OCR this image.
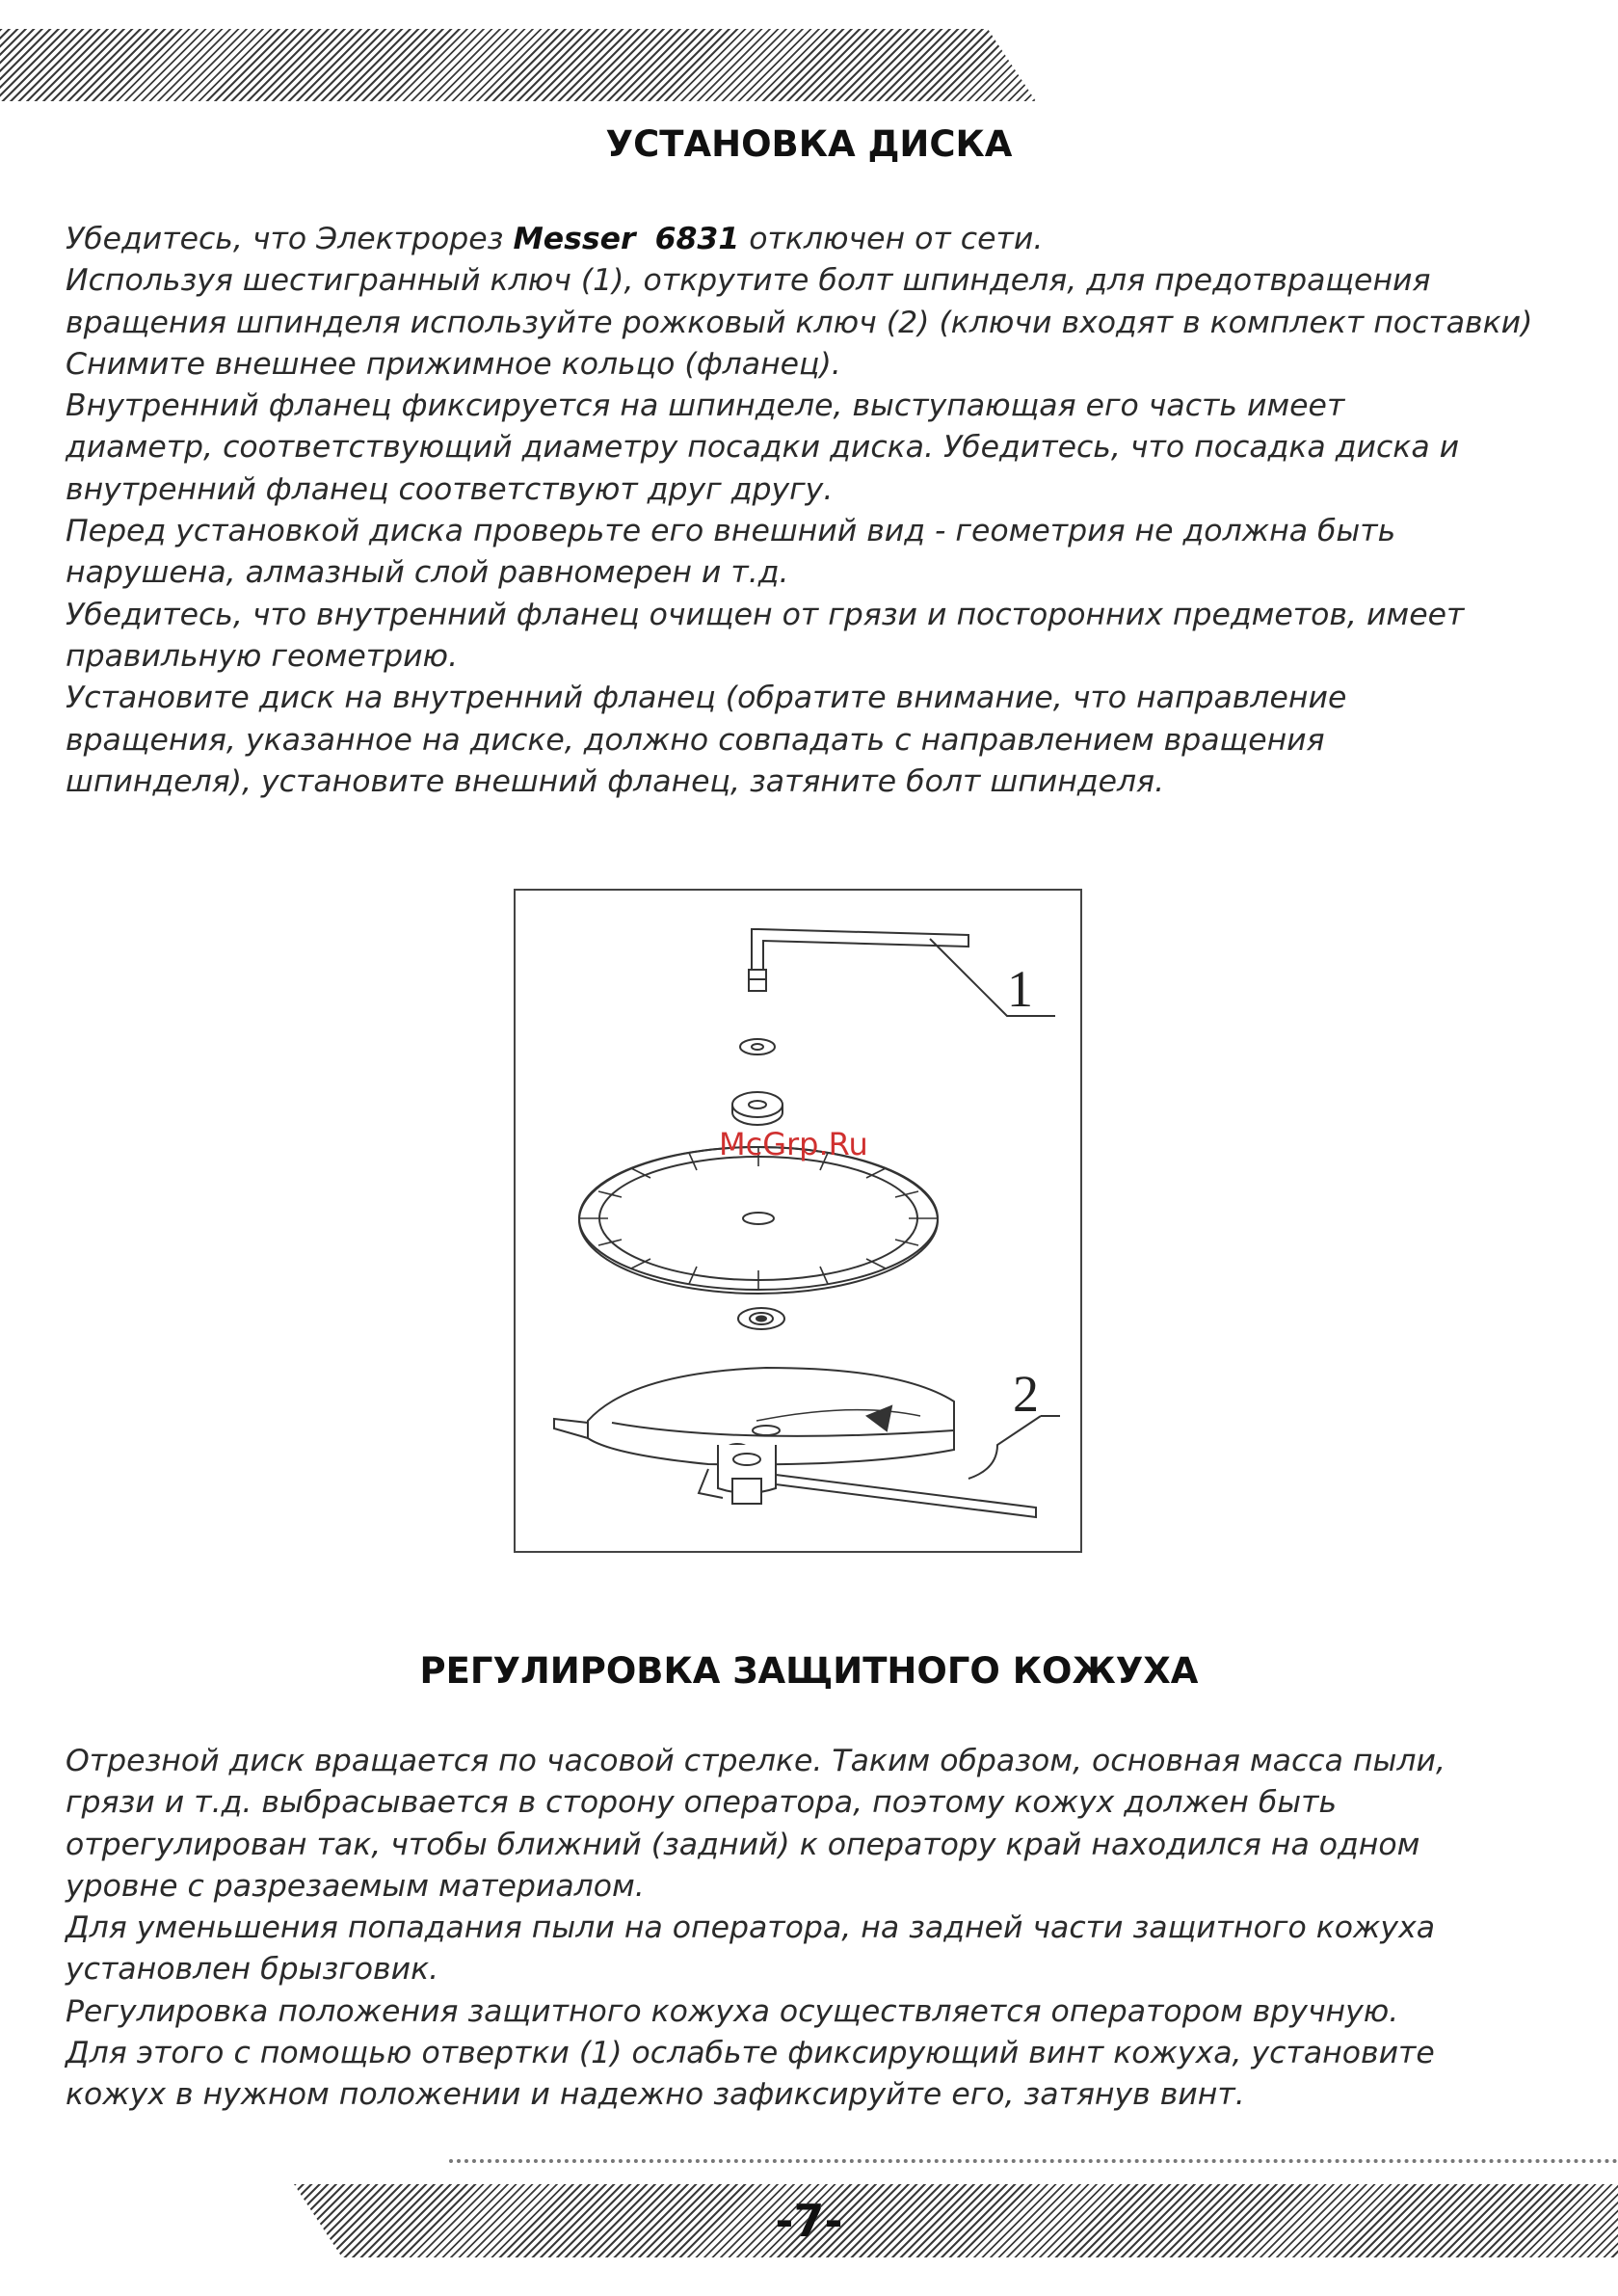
УСТАНОВКА ДИСКА

Убедитесь, что Электрорез Messer 6831 отключен от сети.

Используя шестигранный ключ (1), открутите болт шпинделя, для предотвращения

вращения шпинделя используйте рожковый ключ (2) (ключи входят в комплект поставки)

Снимите внешнее прижимное кольцо (фланец).

Внутренний фланец фиксируется на шпинделе, выступающая его часть имеет

диаметр, соответствующий диаметру посадки диска. Убедитесь, что посадка диска и

внутренний фланец соответствуют друг другу.

Перед установкой диска проверьте его внешний вид - геометрия не должна быть

нарушена, алмазный слой равномерен и т.д.

Убедитесь, что внутренний фланец очищен от грязи и посторонних предметов, имеет

правильную геометрию.

Установите диск на внутренний фланец (обратите внимание, что направление

вращения, указанное на диске, должно совпадать с направлением вращения

шпинделя), установите внешний фланец, затяните болт шпинделя.

1
2
McGrp.Ru
РЕГУЛИРОВКА ЗАЩИТНОГО КОЖУХА

Отрезной диск вращается по часовой стрелке. Таким образом, основная масса пыли,

грязи и т.д. выбрасывается в сторону оператора, поэтому кожух должен быть

отрегулирован так, чтобы ближний (задний) к оператору край находился на одном

уровне с разрезаемым материалом.

Для уменьшения попадания пыли на оператора, на задней части защитного кожуха

установлен брызговик.

Регулировка положения защитного кожуха осуществляется оператором вручную.

Для этого с помощью отвертки (1) ослабьте фиксирующий винт кожуха, установите

кожух в нужном положении и надежно зафиксируйте его, затянув винт.

-7-
